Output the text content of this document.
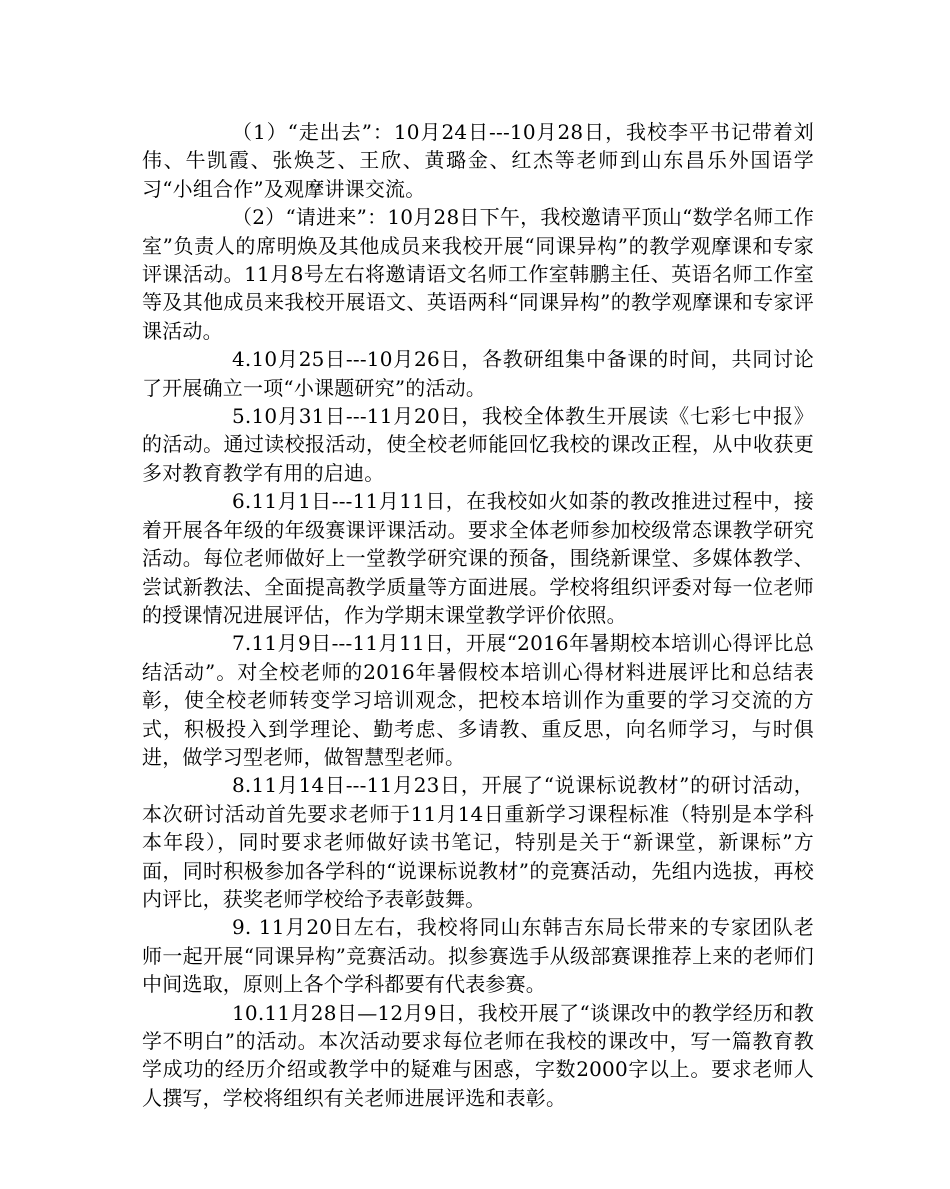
（1）“走出去”：10月24日---10月28日，我校李平书记带着刘伟、牛凯霞、张焕芝、王欣、黄璐金、红杰等老师到山东昌乐外国语学习“小组合作”及观摩讲课交流。

（2）“请进来”：10月28日下午，我校邀请平顶山“数学名师工作室”负责人的席明焕及其他成员来我校开展“同课异构”的教学观摩课和专家评课活动。11月8号左右将邀请语文名师工作室韩鹏主任、英语名师工作室等及其他成员来我校开展语文、英语两科“同课异构”的教学观摩课和专家评课活动。

4.10月25日---10月26日，各教研组集中备课的时间，共同讨论了开展确立一项“小课题研究”的活动。

5.10月31日---11月20日，我校全体教生开展读《七彩七中报》的活动。通过读校报活动，使全校老师能回忆我校的课改正程，从中收获更多对教育教学有用的启迪。

6.11月1日---11月11日，在我校如火如荼的教改推进过程中，接着开展各年级的年级赛课评课活动。要求全体老师参加校级常态课教学研究活动。每位老师做好上一堂教学研究课的预备，围绕新课堂、多媒体教学、尝试新教法、全面提高教学质量等方面进展。学校将组织评委对每一位老师的授课情况进展评估，作为学期末课堂教学评价依照。

7.11月9日---11月11日，开展“2016年暑期校本培训心得评比总结活动”。对全校老师的2016年暑假校本培训心得材料进展评比和总结表彰，使全校老师转变学习培训观念，把校本培训作为重要的学习交流的方式，积极投入到学理论、勤考虑、多请教、重反思，向名师学习，与时俱进，做学习型老师，做智慧型老师。

8.11月14日---11月23日，开展了“说课标说教材”的研讨活动，本次研讨活动首先要求老师于11月14日重新学习课程标准（特别是本学科本年段），同时要求老师做好读书笔记，特别是关于“新课堂，新课标”方面，同时积极参加各学科的“说课标说教材”的竞赛活动，先组内选拔，再校内评比，获奖老师学校给予表彰鼓舞。

9. 11月20日左右，我校将同山东韩吉东局长带来的专家团队老师一起开展“同课异构”竞赛活动。拟参赛选手从级部赛课推荐上来的老师们中间选取，原则上各个学科都要有代表参赛。

10.11月28日—12月9日，我校开展了“谈课改中的教学经历和教学不明白”的活动。本次活动要求每位老师在我校的课改中，写一篇教育教学成功的经历介绍或教学中的疑难与困惑，字数2000字以上。要求老师人人撰写，学校将组织有关老师进展评选和表彰。
